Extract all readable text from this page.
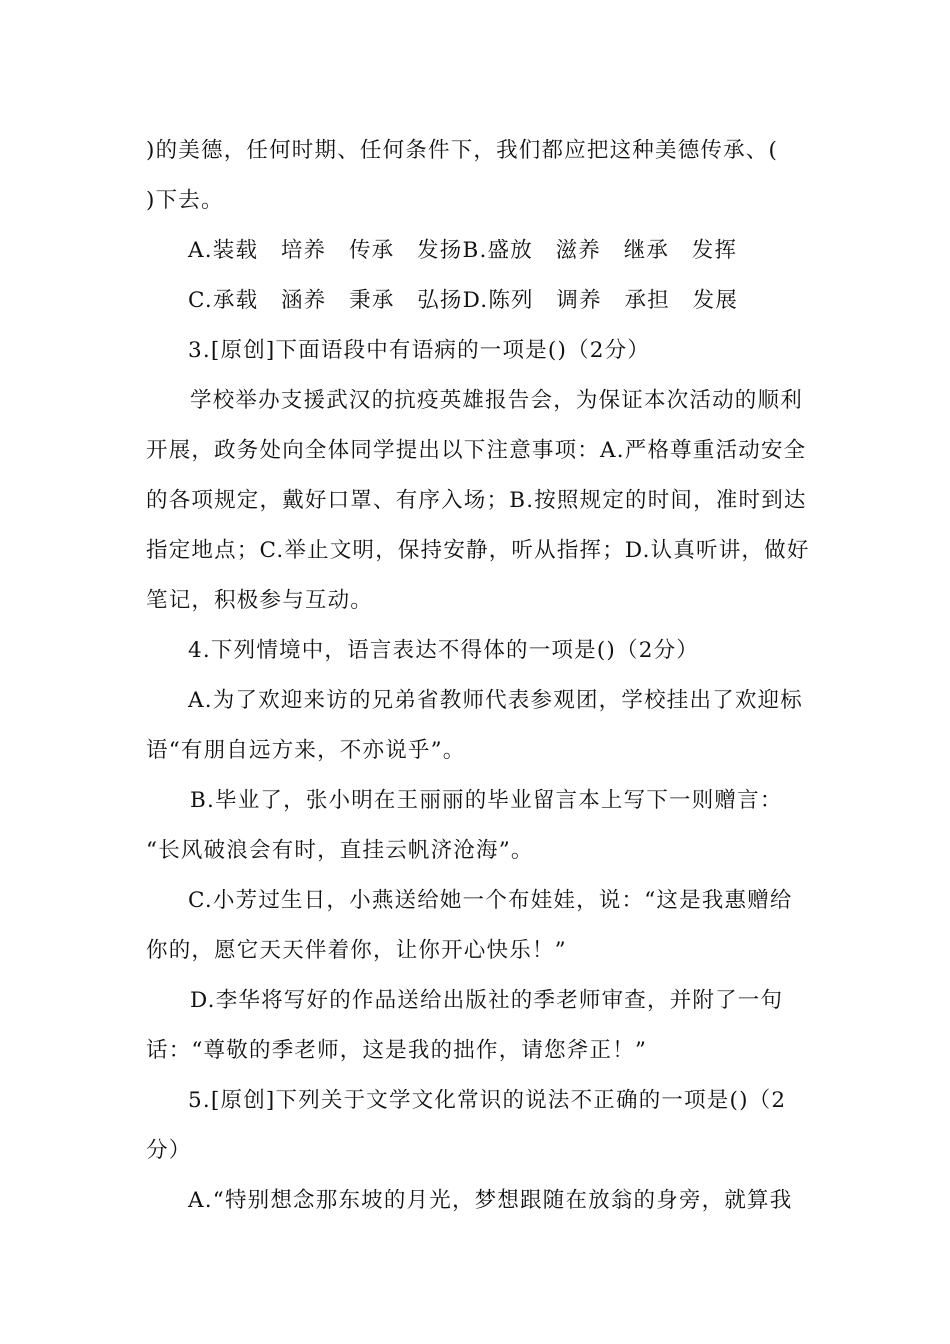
)的美德，任何时期、任何条件下，我们都应把这种美德传承、(
)下去。
A.装载　培养　传承　发扬B.盛放　滋养　继承　发挥
C.承载　涵养　秉承　弘扬D.陈列　调养　承担　发展
3.[原创]下面语段中有语病的一项是()（2分）
学校举办支援武汉的抗疫英雄报告会，为保证本次活动的顺利
开展，政务处向全体同学提出以下注意事项：A.严格尊重活动安全
的各项规定，戴好口罩、有序入场；B.按照规定的时间，准时到达
指定地点；C.举止文明，保持安静，听从指挥；D.认真听讲，做好
笔记，积极参与互动。
4.下列情境中，语言表达不得体的一项是()（2分）
A.为了欢迎来访的兄弟省教师代表参观团，学校挂出了欢迎标
语“有朋自远方来，不亦说乎”。
B.毕业了，张小明在王丽丽的毕业留言本上写下一则赠言：
“长风破浪会有时，直挂云帆济沧海”。
C.小芳过生日，小燕送给她一个布娃娃，说：“这是我惠赠给
你的，愿它天天伴着你，让你开心快乐！”
D.李华将写好的作品送给出版社的季老师审查，并附了一句
话：“尊敬的季老师，这是我的拙作，请您斧正！”
5.[原创]下列关于文学文化常识的说法不正确的一项是()（2
分）
A.“特别想念那东坡的月光，梦想跟随在放翁的身旁，就算我
